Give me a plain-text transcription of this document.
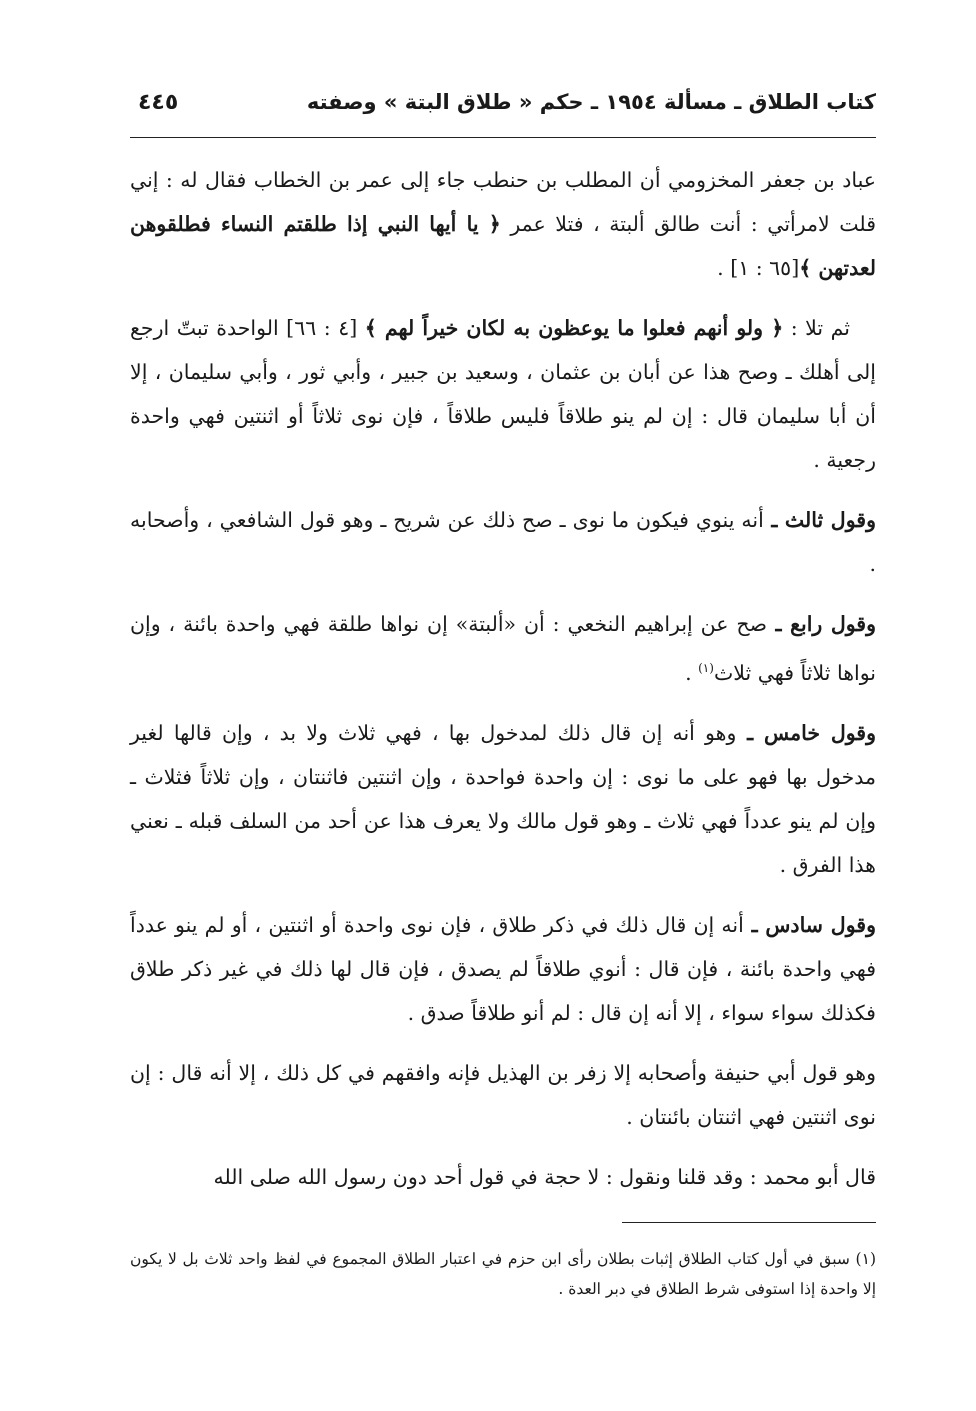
كتاب الطلاق ـ مسألة ١٩٥٤ ـ حكم « طلاق البتة » وصفته
٤٤٥

عباد بن جعفر المخزومي أن المطلب بن حنطب جاء إلى عمر بن الخطاب فقال له : إني قلت لامرأتي : أنت طالق ألبتة ، فتلا عمر ﴿ يا أيها النبي إذا طلقتم النساء فطلقوهن لعدتهن ﴾[٦٥ : ١] .

ثم تلا : ﴿ ولو أنهم فعلوا ما يوعظون به لكان خيراً لهم ﴾ [٤ : ٦٦] الواحدة تبتّ ارجع إلى أهلك ـ وصح هذا عن أبان بن عثمان ، وسعيد بن جبير ، وأبي ثور ، وأبي سليمان ، إلا أن أبا سليمان قال : إن لم ينو طلاقاً فليس طلاقاً ، فإن نوى ثلاثاً أو اثنتين فهي واحدة رجعية .

وقول ثالث ـ أنه ينوي فيكون ما نوى ـ صح ذلك عن شريح ـ وهو قول الشافعي ، وأصحابه .

وقول رابع ـ صح عن إبراهيم النخعي : أن «ألبتة» إن نواها طلقة فهي واحدة بائنة ، وإن نواها ثلاثاً فهي ثلاث$^{(١)}$ .

وقول خامس ـ وهو أنه إن قال ذلك لمدخول بها ، فهي ثلاث ولا بد ، وإن قالها لغير مدخول بها فهو على ما نوى : إن واحدة فواحدة ، وإن اثنتين فاثنتان ، وإن ثلاثاً فثلاث ـ وإن لم ينو عدداً فهي ثلاث ـ وهو قول مالك ولا يعرف هذا عن أحد من السلف قبله ـ نعني هذا الفرق .

وقول سادس ـ أنه إن قال ذلك في ذكر طلاق ، فإن نوى واحدة أو اثنتين ، أو لم ينو عدداً فهي واحدة بائنة ، فإن قال : أنوي طلاقاً لم يصدق ، فإن قال لها ذلك في غير ذكر طلاق فكذلك سواء سواء ، إلا أنه إن قال : لم أنو طلاقاً صدق .

وهو قول أبي حنيفة وأصحابه إلا زفر بن الهذيل فإنه وافقهم في كل ذلك ، إلا أنه قال : إن نوى اثنتين فهي اثنتان بائنتان .

قال أبو محمد : وقد قلنا ونقول : لا حجة في قول أحد دون رسول الله صلى الله

(١) سبق في أول كتاب الطلاق إثبات بطلان رأى ابن حزم في اعتبار الطلاق المجموع في لفظ واحد ثلاث بل لا يكون إلا واحدة إذا استوفى شرط الطلاق في دبر العدة .
